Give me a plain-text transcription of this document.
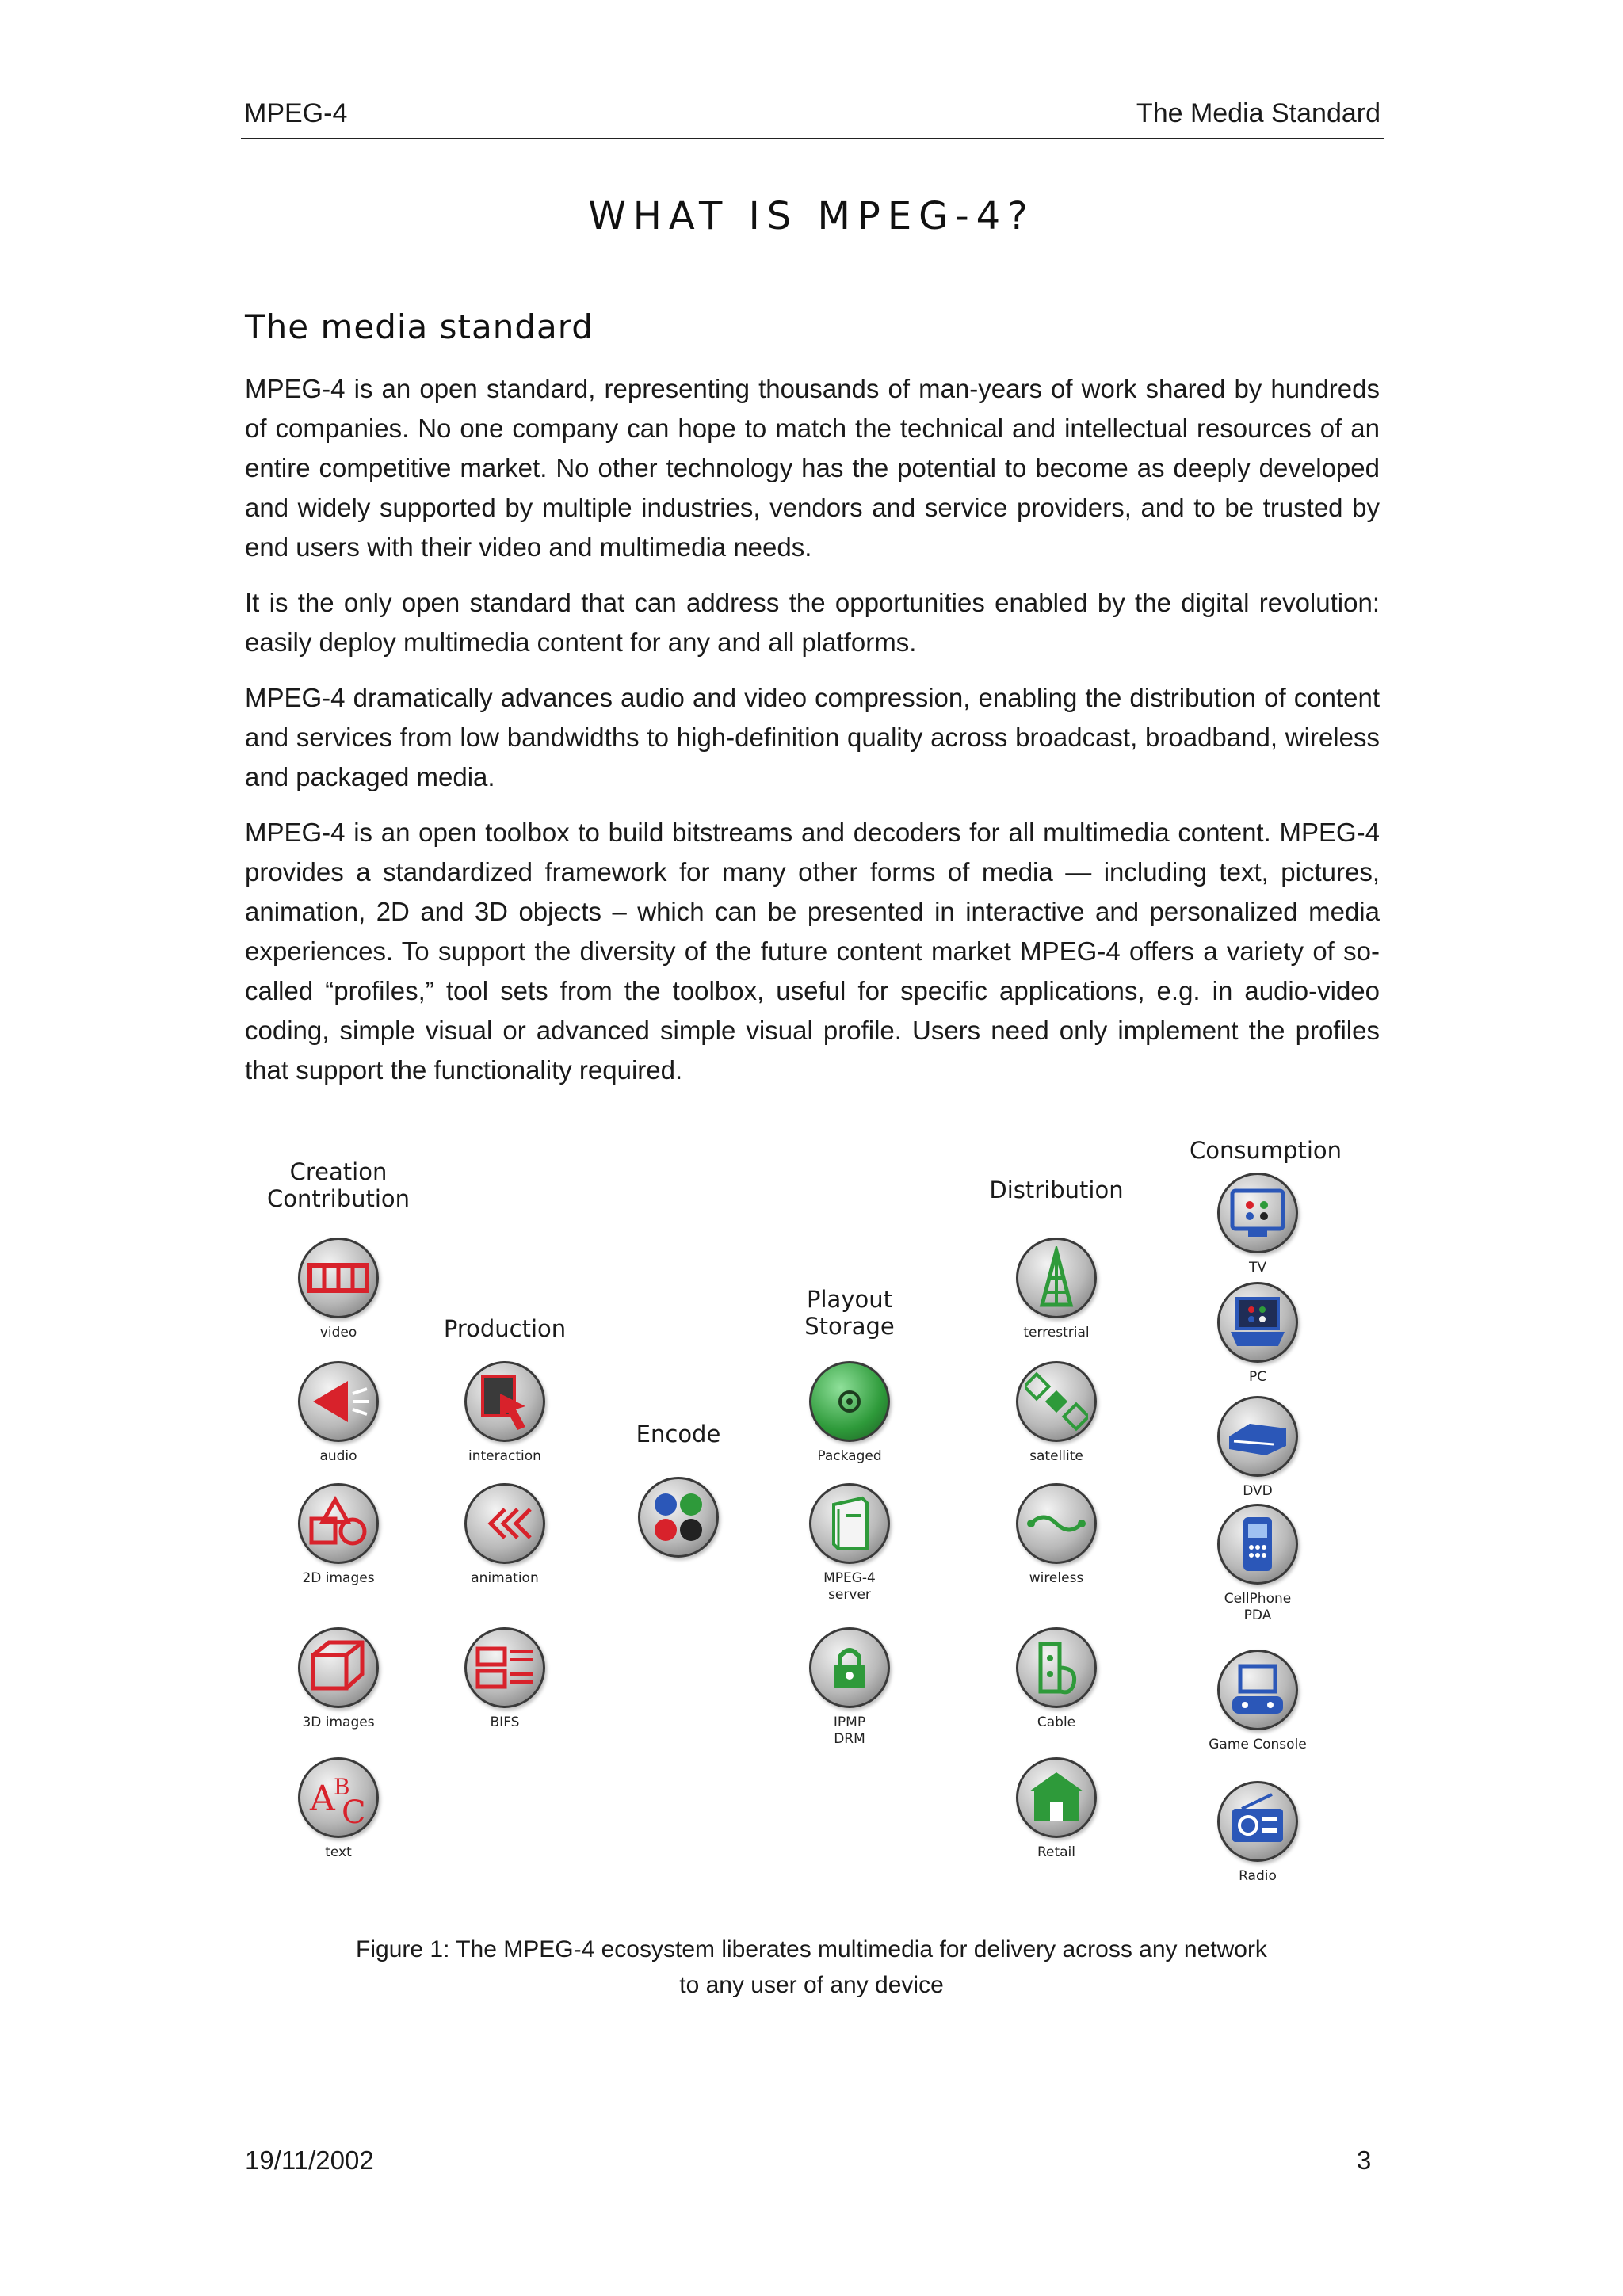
MPEG-4	The Media Standard
WHAT IS MPEG-4?
The media standard

MPEG-4 is an open standard, representing thousands of man-years of work shared by hundreds of companies. No one company can hope to match the technical and intellectual resources of an entire competitive market. No other technology has the potential to become as deeply developed and widely supported by multiple industries, vendors and service providers, and to be trusted by end users with their video and multimedia needs.

It is the only open standard that can address the opportunities enabled by the digital revolution: easily deploy multimedia content for any and all platforms.

MPEG-4 dramatically advances audio and video compression, enabling the distribution of content and services from low bandwidths to high-definition quality across broadcast, broadband, wireless and packaged media.

MPEG-4 is an open toolbox to build bitstreams and decoders for all multimedia content. MPEG-4 provides a standardized framework for many other forms of media — including text, pictures, animation, 2D and 3D objects – which can be presented in interactive and personalized media experiences. To support the diversity of the future content market MPEG-4 offers a variety of so-called “profiles,” tool sets from the toolbox, useful for specific applications, e.g. in audio-video coding, simple visual or advanced simple visual profile. Users need only implement the profiles that support the functionality required.

Creation
Contribution
Production
Encode
Playout
Storage
Distribution
Consumption
video
audio
2D images
3D images
A
B
C
text
interaction
animation
BIFS
Packaged
MPEG-4
server
IPMP
DRM
terrestrial
satellite
wireless
Cable
Retail
TV
PC
DVD
CellPhone
PDA
Game Console
Radio
Figure 1: The MPEG-4 ecosystem liberates multimedia for delivery across any network
to any user of any device
19/11/2002	3
